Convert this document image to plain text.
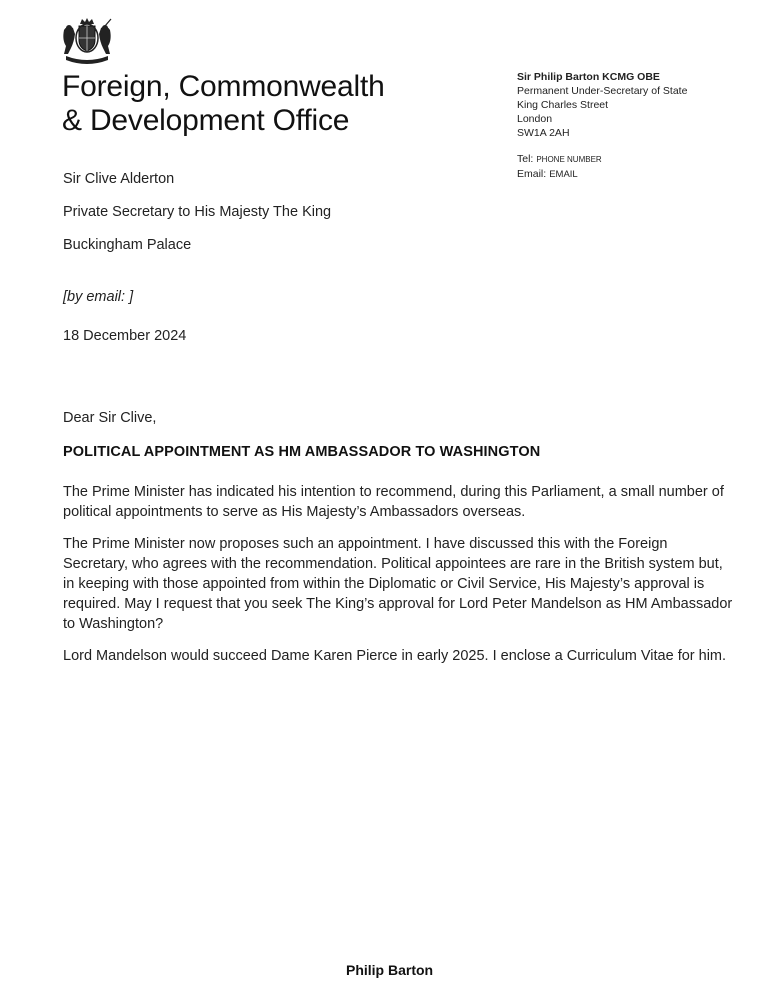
Foreign, Commonwealth
& Development Office
Sir Philip Barton KCMG OBE
Permanent Under-Secretary of State
King Charles Street
London
SW1A 2AH
Tel: PHONE NUMBER
Email: EMAIL
Sir Clive Alderton
Private Secretary to His Majesty The King
Buckingham Palace
[by email: ]
18 December 2024
Dear Sir Clive,
POLITICAL APPOINTMENT AS HM AMBASSADOR TO WASHINGTON

The Prime Minister has indicated his intention to recommend, during this Parliament, a small number of political appointments to serve as His Majesty’s Ambassadors overseas.

The Prime Minister now proposes such an appointment. I have discussed this with the Foreign Secretary, who agrees with the recommendation. Political appointees are rare in the British system but, in keeping with those appointed from within the Diplomatic or Civil Service, His Majesty’s approval is required. May I request that you seek The King’s approval for Lord Peter Mandelson as HM Ambassador to Washington?

Lord Mandelson would succeed Dame Karen Pierce in early 2025. I enclose a Curriculum Vitae for him.

Philip Barton
